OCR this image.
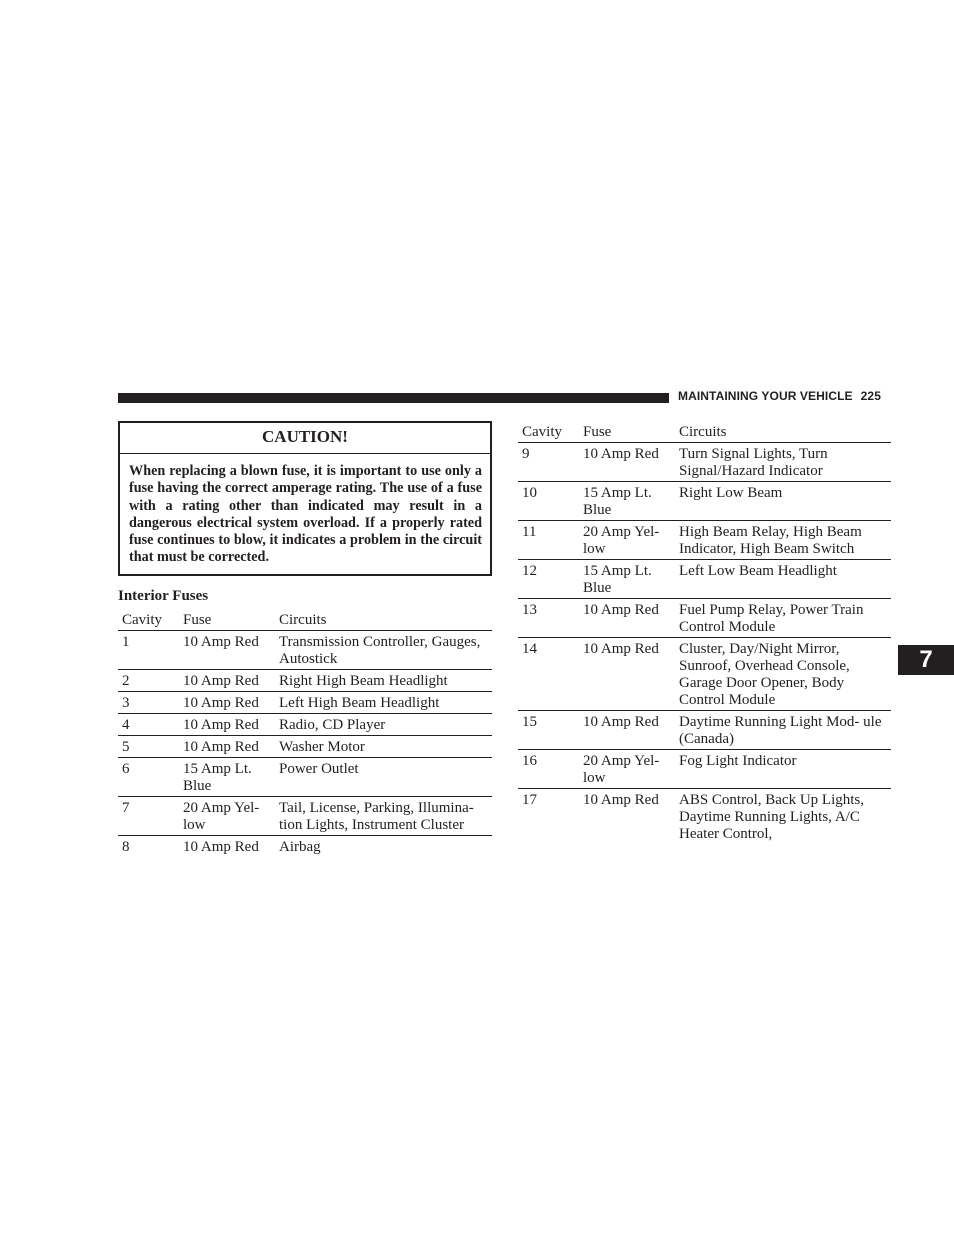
MAINTAINING YOUR VEHICLE 225
CAUTION!
When replacing a blown fuse, it is important to use only a fuse having the correct amperage rating. The use of a fuse with a rating other than indicated may result in a dangerous electrical system overload. If a properly rated fuse continues to blow, it indicates a problem in the circuit that must be corrected.
Interior Fuses
Cavity	Fuse	Circuits
1	10 Amp Red	Transmission Controller, Gauges, Autostick
2	10 Amp Red	Right High Beam Headlight
3	10 Amp Red	Left High Beam Headlight
4	10 Amp Red	Radio, CD Player
5	10 Amp Red	Washer Motor
6	15 Amp Lt. Blue	Power Outlet
7	20 Amp Yel- low	Tail, License, Parking, Illumina- tion Lights, Instrument Cluster
8	10 Amp Red	Airbag
Cavity	Fuse	Circuits
9	10 Amp Red	Turn Signal Lights, Turn Signal/Hazard Indicator
10	15 Amp Lt. Blue	Right Low Beam
11	20 Amp Yel- low	High Beam Relay, High Beam Indicator, High Beam Switch
12	15 Amp Lt. Blue	Left Low Beam Headlight
13	10 Amp Red	Fuel Pump Relay, Power Train Control Module
14	10 Amp Red	Cluster, Day/Night Mirror, Sunroof, Overhead Console, Garage Door Opener, Body Control Module
15	10 Amp Red	Daytime Running Light Mod- ule (Canada)
16	20 Amp Yel- low	Fog Light Indicator
17	10 Amp Red	ABS Control, Back Up Lights, Daytime Running Lights, A/C Heater Control,
7
